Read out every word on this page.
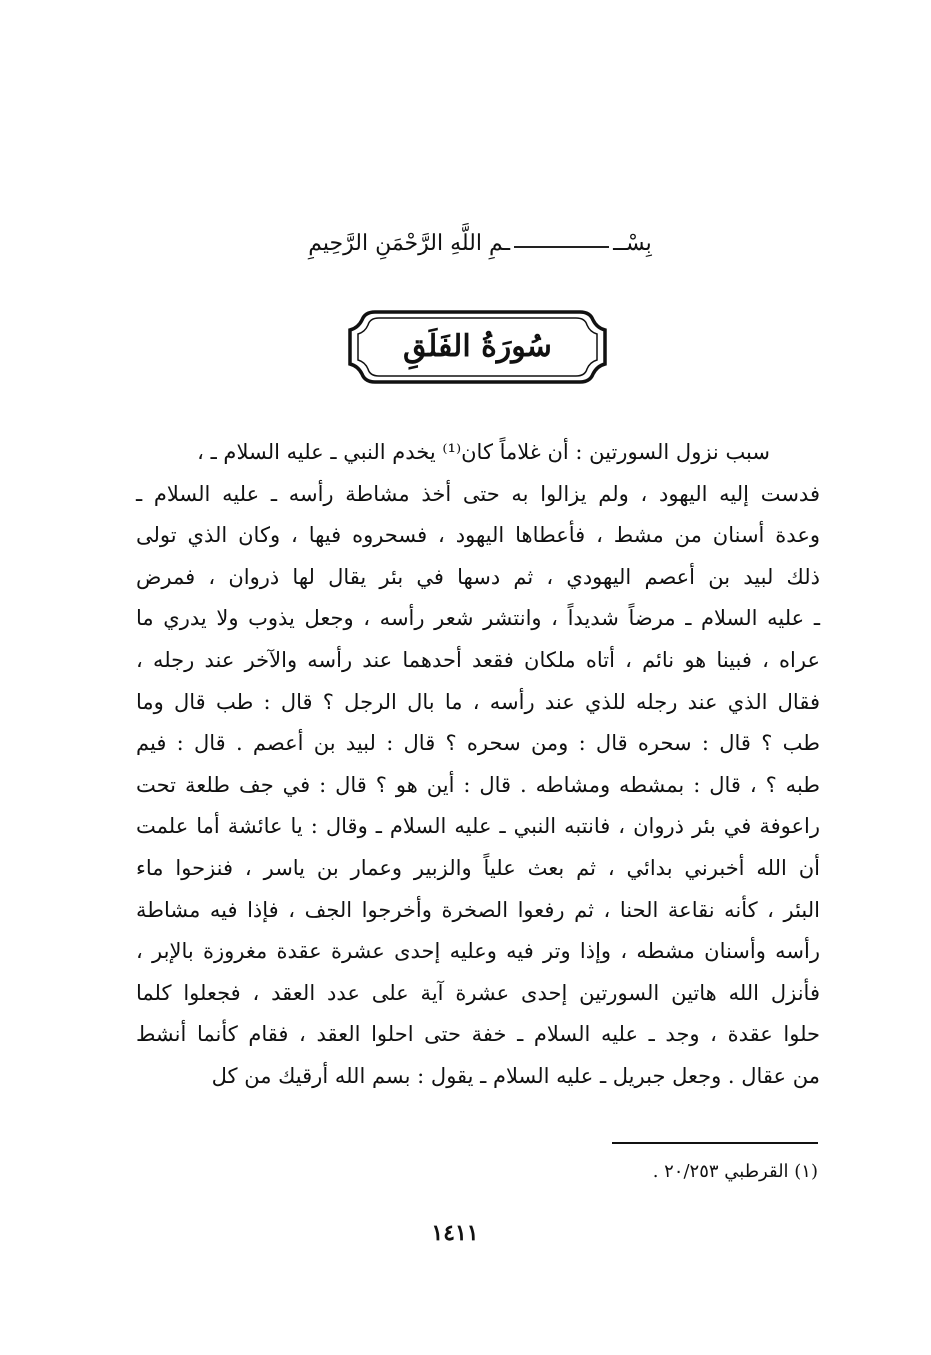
بِسْـــمِ اللَّهِ الرَّحْمَنِ الرَّحِيمِ
سُورَةُ الفَلَقِ
سبب نزول السورتين : أن غلاماً كان⁽¹⁾ يخدم النبي ـ عليه السلام ـ ،
فدست إليه اليهود ، ولم يزالوا به حتى أخذ مشاطة رأسه ـ عليه السلام ـ
وعدة أسنان من مشط ، فأعطاها اليهود ، فسحروه فيها ، وكان الذي تولى
ذلك لبيد بن أعصم اليهودي ، ثم دسها في بئر يقال لها ذروان ، فمرض
ـ عليه السلام ـ مرضاً شديداً ، وانتشر شعر رأسه ، وجعل يذوب ولا يدري ما
عراه ، فبينا هو نائم ، أتاه ملكان فقعد أحدهما عند رأسه والآخر عند رجله ،
فقال الذي عند رجله للذي عند رأسه ، ما بال الرجل ؟ قال : طب قال وما
طب ؟ قال : سحره قال : ومن سحره ؟ قال : لبيد بن أعصم . قال : فيم
طبه ؟ ، قال : بمشطه ومشاطه . قال : أين هو ؟ قال : في جف طلعة تحت
راعوفة في بئر ذروان ، فانتبه النبي ـ عليه السلام ـ وقال : يا عائشة أما علمت
أن الله أخبرني بدائي ، ثم بعث علياً والزبير وعمار بن ياسر ، فنزحوا ماء
البئر ، كأنه نقاعة الحنا ، ثم رفعوا الصخرة وأخرجوا الجف ، فإذا فيه مشاطة
رأسه وأسنان مشطه ، وإذا وتر فيه وعليه إحدى عشرة عقدة مغروزة بالإبر ،
فأنزل الله هاتين السورتين إحدى عشرة آية على عدد العقد ، فجعلوا كلما
حلوا عقدة ، وجد ـ عليه السلام ـ خفة حتى احلوا العقد ، فقام كأنما أنشط
من عقال . وجعل جبريل ـ عليه السلام ـ يقول : بسم الله أرقيك من كل
(١) القرطبي ٢٠/٢٥٣ .
١٤١١
